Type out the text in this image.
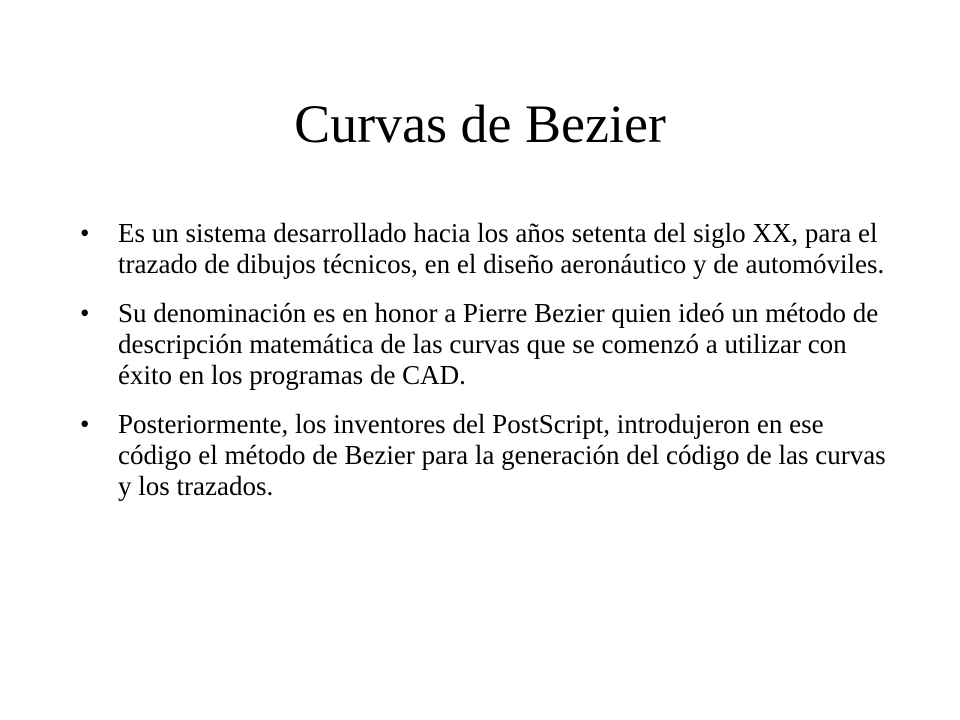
Curvas de Bezier
•	Es un sistema desarrollado hacia los años setenta del siglo XX, para el trazado de dibujos técnicos, en el diseño aeronáutico y de automóviles.
•	Su denominación es en honor a Pierre Bezier quien ideó un método de descripción matemática de las curvas que se comenzó a utilizar con éxito en los programas de CAD.
•	Posteriormente, los inventores del PostScript, introdujeron en ese código el método de Bezier para la generación del código de las curvas y los trazados.
